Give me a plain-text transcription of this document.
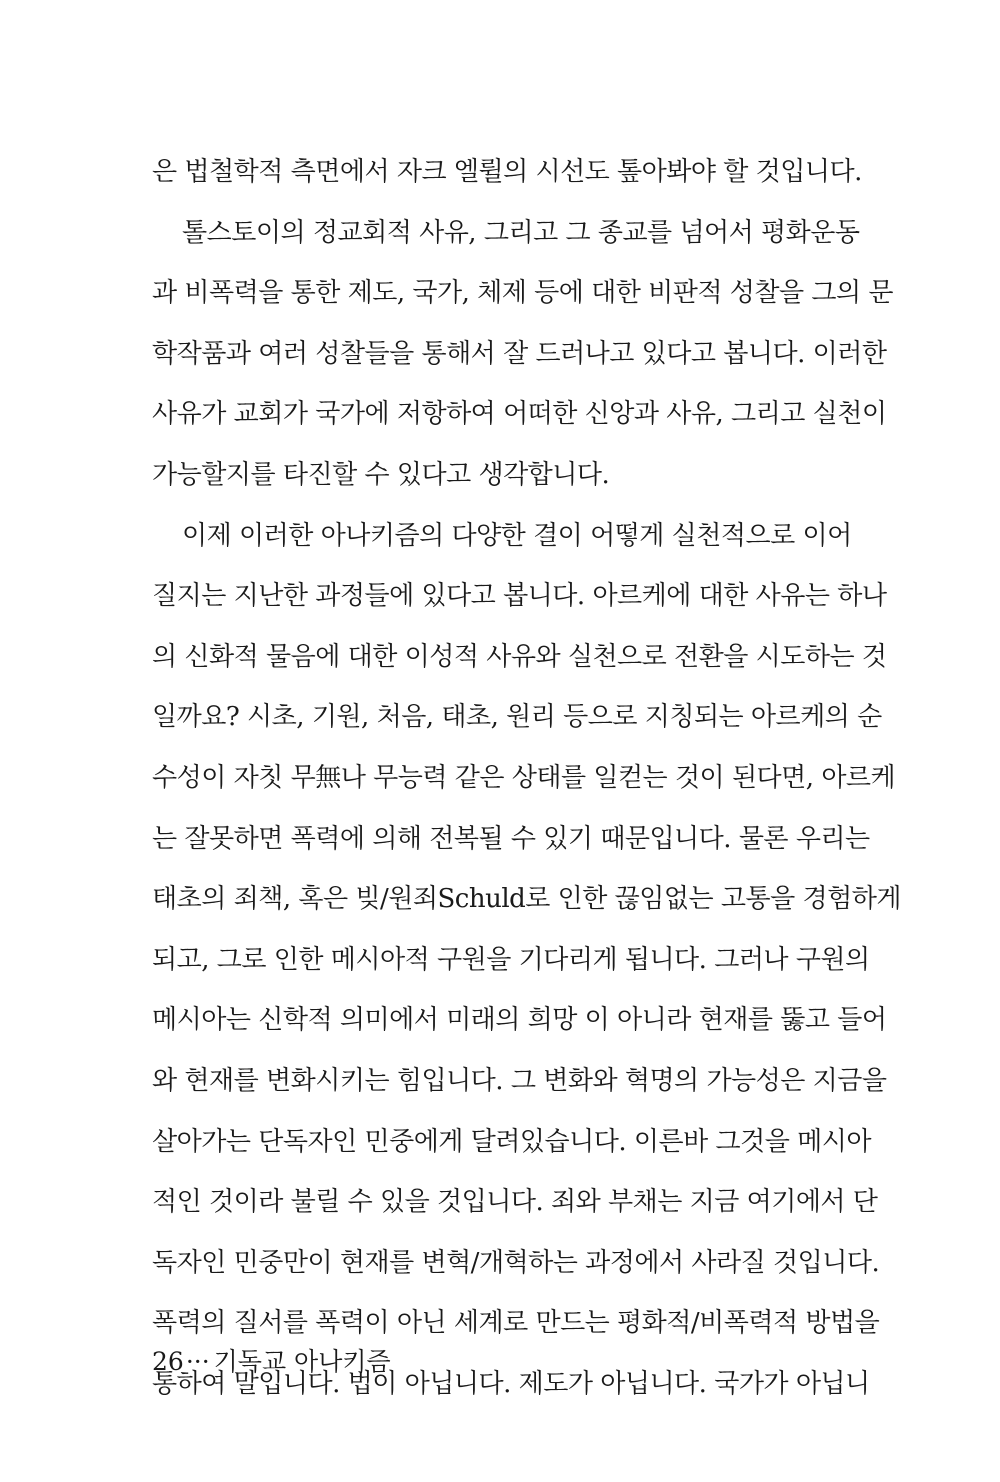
은 법철학적 측면에서 자크 엘륄의 시선도 톺아봐야 할 것입니다.
톨스토이의 정교회적 사유, 그리고 그 종교를 넘어서 평화운동
과 비폭력을 통한 제도, 국가, 체제 등에 대한 비판적 성찰을 그의 문
학작품과 여러 성찰들을 통해서 잘 드러나고 있다고 봅니다. 이러한
사유가 교회가 국가에 저항하여 어떠한 신앙과 사유, 그리고 실천이
가능할지를 타진할 수 있다고 생각합니다.
이제 이러한 아나키즘의 다양한 결이 어떻게 실천적으로 이어
질지는 지난한 과정들에 있다고 봅니다. 아르케에 대한 사유는 하나
의 신화적 물음에 대한 이성적 사유와 실천으로 전환을 시도하는 것
일까요? 시초, 기원, 처음, 태초, 원리 등으로 지칭되는 아르케의 순
수성이 자칫 무無나 무능력 같은 상태를 일컫는 것이 된다면, 아르케
는 잘못하면 폭력에 의해 전복될 수 있기 때문입니다. 물론 우리는
태초의 죄책, 혹은 빚/원죄Schuld로 인한 끊임없는 고통을 경험하게
되고, 그로 인한 메시아적 구원을 기다리게 됩니다. 그러나 구원의
메시아는 신학적 의미에서 미래의 희망 이 아니라 현재를 뚫고 들어
와 현재를 변화시키는 힘입니다. 그 변화와 혁명의 가능성은 지금을
살아가는 단독자인 민중에게 달려있습니다. 이른바 그것을 메시아
적인 것이라 불릴 수 있을 것입니다. 죄와 부채는 지금 여기에서 단
독자인 민중만이 현재를 변혁/개혁하는 과정에서 사라질 것입니다.
폭력의 질서를 폭력이 아닌 세계로 만드는 평화적/비폭력적 방법을
통하여 말입니다. 법이 아닙니다. 제도가 아닙니다. 국가가 아닙니
26··· 기독교 아나키즘
